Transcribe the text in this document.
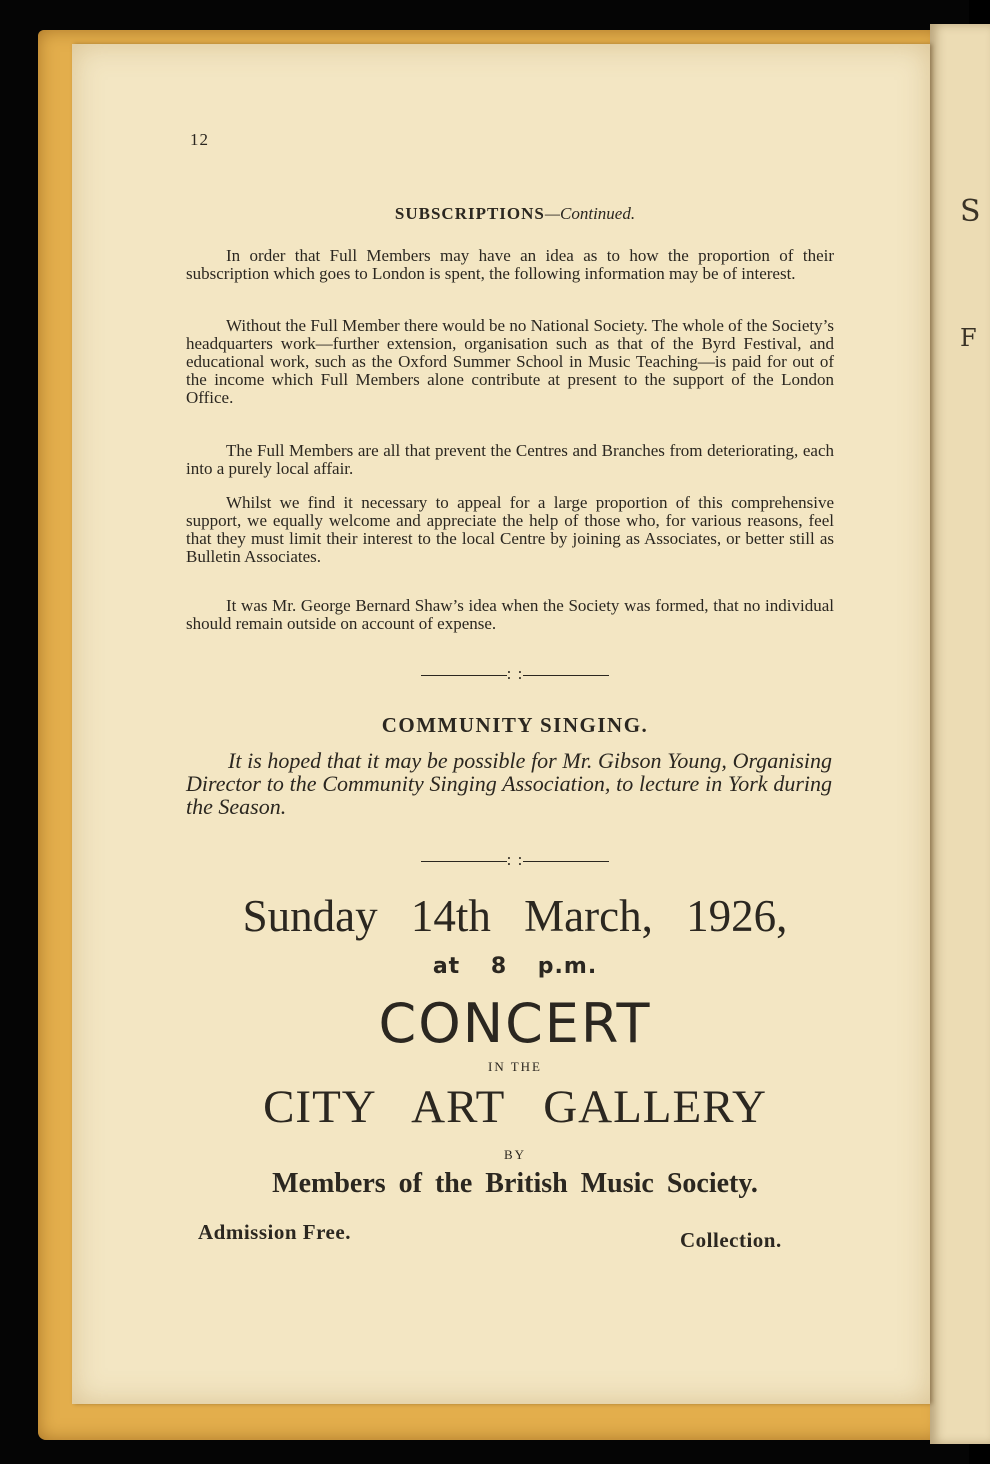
S
F
12
SUBSCRIPTIONS—Continued.

In order that Full Members may have an idea as to how the proportion of their subscription which goes to London is spent, the following information may be of interest.

Without the Full Member there would be no National Society. The whole of the Society’s headquarters work—further extension, organisation such as that of the Byrd Festival, and educational work, such as the Oxford Summer School in Music Teaching—is paid for out of the income which Full Members alone contribute at present to the support of the London Office.

The Full Members are all that prevent the Centres and Branches from deteriorating, each into a purely local affair.

Whilst we find it necessary to appeal for a large proportion of this comprehensive support, we equally welcome and appreciate the help of those who, for various reasons, feel that they must limit their interest to the local Centre by joining as Associates, or better still as Bulletin Associates.

It was Mr. George Bernard Shaw’s idea when the Society was formed, that no individual should remain outside on account of expense.

: :
COMMUNITY SINGING.

It is hoped that it may be possible for Mr. Gibson Young, Organising Director to the Community Singing Association, to lecture in York during the Season.

: :
Sunday 14th March, 1926,
at 8 p.m.
CONCERT
IN THE
CITY ART GALLERY
BY
Members of the British Music Society.
Admission Free.	Collection.
